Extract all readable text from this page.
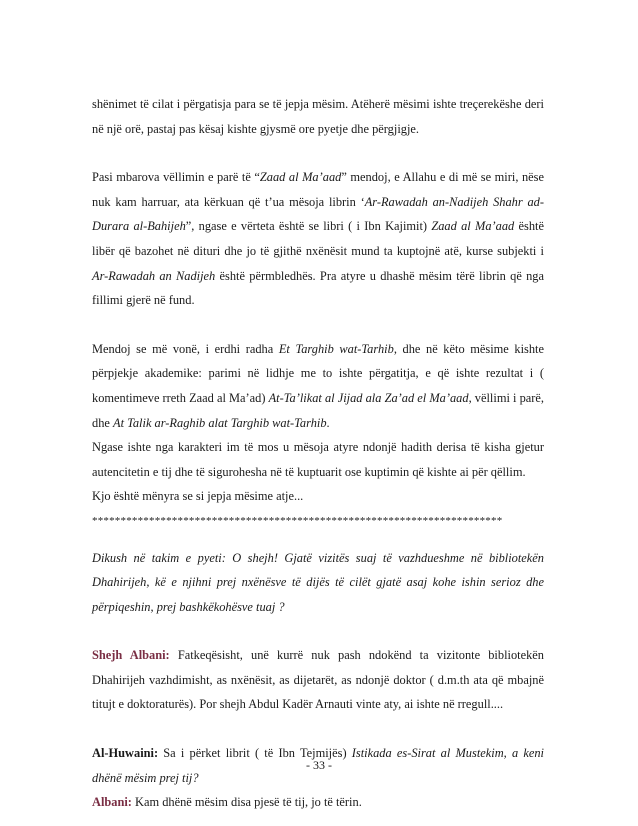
shënimet të cilat i përgatisja para se të jepja mësim. Atëherë mësimi ishte treçerekëshe deri në një orë, pastaj pas kësaj kishte gjysmë ore pyetje dhe përgjigje.

Pasi mbarova vëllimin e parë të “Zaad al Ma’aad” mendoj, e Allahu e di më se miri, nëse nuk kam harruar, ata kërkuan që t’ua mësoja librin ‘Ar-Rawadah an-Nadijeh Shahr ad-Durara al-Bahijeh”, ngase e vërteta është se libri ( i Ibn Kajimit) Zaad al Ma’aad është libër që bazohet në dituri dhe jo të gjithë nxënësit mund ta kuptojnë atë, kurse subjekti i Ar-Rawadah an Nadijeh është përmbledhës. Pra atyre u dhashë mësim tërë librin që nga fillimi gjerë në fund.

Mendoj se më vonë, i erdhi radha Et Targhib wat-Tarhib, dhe në këto mësime kishte përpjekje akademike: parimi në lidhje me to ishte përgatitja, e që ishte rezultat i ( komentimeve rreth Zaad al Ma’ad) At-Ta’likat al Jijad ala Za’ad el Ma’aad, vëllimi i parë, dhe At Talik ar-Raghib alat Targhib wat-Tarhib.

Ngase ishte nga karakteri im të mos u mësoja atyre ndonjë hadith derisa të kisha gjetur autencitetin e tij dhe të sigurohesha në të kuptuarit ose kuptimin që kishte ai për qëllim.

Kjo është mënyra se si jepja mësime atje...

************************************************************************

Dikush në takim e pyeti: O shejh! Gjatë vizitës suaj të vazhdueshme në bibliotekën Dhahirijeh, kë e njihni prej nxënësve të dijës të cilët gjatë asaj kohe ishin serioz dhe përpiqeshin, prej bashkëkohësve tuaj ?

Shejh Albani: Fatkeqësisht, unë kurrë nuk pash ndokënd ta vizitonte bibliotekën Dhahirijeh vazhdimisht, as nxënësit, as dijetarët, as ndonjë doktor ( d.m.th ata që mbajnë titujt e doktoraturës). Por shejh Abdul Kadër Arnauti vinte aty, ai ishte në rregull....

Al-Huwaini: Sa i përket librit ( të Ibn Tejmijës) Istikada es-Sirat al Mustekim, a keni dhënë mësim prej tij?

Albani: Kam dhënë mësim disa pjesë të tij, jo të tërin.

- 33 -
